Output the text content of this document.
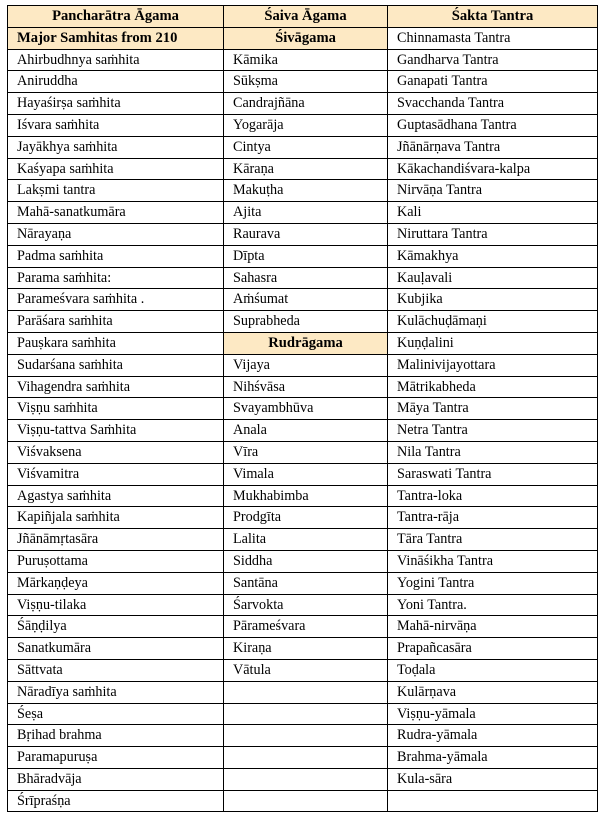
Pancharātra Āgama	Śaiva Āgama	Śakta Tantra
Major Samhitas from 210	Śivāgama	Chinnamasta Tantra
Ahirbudhnya saṁhita	Kāmika	Gandharva Tantra
Aniruddha	Sūkṣma	Ganapati Tantra
Hayaśirṣa saṁhita	Candrajñāna	Svacchanda Tantra
Iśvara saṁhita	Yogarāja	Guptasādhana Tantra
Jayākhya saṁhita	Cintya	Jñānārṇava Tantra
Kaśyapa saṁhita	Kāraṇa	Kākachandiśvara-kalpa
Lakṣmi tantra	Makuṭha	Nirvāṇa Tantra
Mahā-sanatkumāra	Ajita	Kali
Nārayaṇa	Raurava	Niruttara Tantra
Padma saṁhita	Dīpta	Kāmakhya
Parama saṁhita:	Sahasra	Kauḷavali
Parameśvara saṁhita .	Aṁśumat	Kubjika
Parāśara saṁhita	Suprabheda	Kulāchuḍāmaṇi
Pauṣkara saṁhita	Rudrāgama	Kuṇḍalini
Sudarśana saṁhita	Vijaya	Malinivijayottara
Vihagendra saṁhita	Nihśvāsa	Mātrikabheda
Viṣṇu saṁhita	Svayambhūva	Māya Tantra
Viṣṇu-tattva Saṁhita	Anala	Netra Tantra
Viśvaksena	Vīra	Nila Tantra
Viśvamitra	Vimala	Saraswati Tantra
Agastya saṁhita	Mukhabimba	Tantra-loka
Kapiñjala saṁhita	Prodgīta	Tantra-rāja
Jñānāmṛtasāra	Lalita	Tāra Tantra
Puruṣottama	Siddha	Vināśikha Tantra
Mārkaṇḍeya	Santāna	Yogini Tantra
Viṣṇu-tilaka	Śarvokta	Yoni Tantra.
Śāṇḍilya	Pārameśvara	Mahā-nirvāṇa
Sanatkumāra	Kiraṇa	Prapañcasāra
Sāttvata	Vātula	Toḍala
Nāradīya saṁhita		Kulārṇava
Śeṣa		Viṣṇu-yāmala
Bṛihad brahma		Rudra-yāmala
Paramapuruṣa		Brahma-yāmala
Bhāradvāja		Kula-sāra
Śrīpraśṇa		
